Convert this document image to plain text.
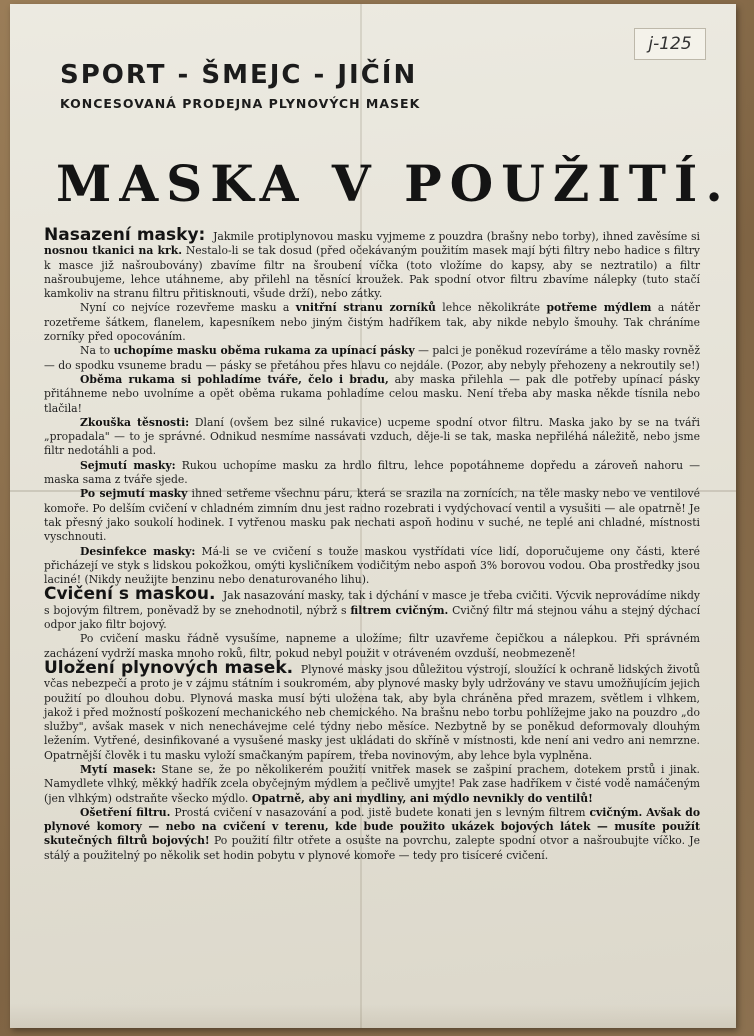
j-125
SPORT - ŠMEJC - JIČÍN
KONCESOVANÁ PRODEJNA PLYNOVÝCH MASEK
MASKA V POUŽITÍ.

Nasazení masky: Jakmile protiplynovou masku vyjmeme z pouzdra (brašny nebo torby), ihned zavěsíme si nosnou tkanici na krk. Nestalo-li se tak dosud (před očekávaným použitím masek mají býti filtry nebo hadice s filtry k masce již našroubovány) zbavíme filtr na šroubení víčka (toto vložíme do kapsy, aby se neztratilo) a filtr našroubujeme, lehce utáhneme, aby přilehl na těsnící kroužek. Pak spodní otvor filtru zbavíme nálepky (tuto stačí kamkoliv na stranu filtru přitisknouti, všude drží), nebo zátky.

Nyní co nejvíce rozevřeme masku a vnitřní stranu zorníků lehce několikráte potřeme mýdlem a nátěr rozetřeme šátkem, flanelem, kapesníkem nebo jiným čistým hadříkem tak, aby nikde nebylo šmouhy. Tak chráníme zorníky před opocováním.

Na to uchopíme masku oběma rukama za upínací pásky — palci je poněkud rozevíráme a tělo masky rovněž — do spodku vsuneme bradu — pásky se přetáhou přes hlavu co nejdále. (Pozor, aby nebyly přehozeny a nekroutily se!)

Oběma rukama si pohladíme tváře, čelo i bradu, aby maska přilehla — pak dle potřeby upínací pásky přitáhneme nebo uvolníme a opět oběma rukama pohladíme celou masku. Není třeba aby maska někde tísnila nebo tlačila!

Zkouška těsnosti: Dlaní (ovšem bez silné rukavice) ucpeme spodní otvor filtru. Maska jako by se na tváři „propadala" — to je správné. Odnikud nesmíme nassávati vzduch, děje-li se tak, maska nepřiléhá náležitě, nebo jsme filtr nedotáhli a pod.

Sejmutí masky: Rukou uchopíme masku za hrdlo filtru, lehce popotáhneme dopředu a zároveň nahoru — maska sama z tváře sjede.

Po sejmutí masky ihned setřeme všechnu páru, která se srazila na zornících, na těle masky nebo ve ventilové komoře. Po delším cvičení v chladném zimním dnu jest radno rozebrati i vydýchovací ventil a vysušiti — ale opatrně! Je tak přesný jako soukolí hodinek. I vytřenou masku pak nechati aspoň hodinu v suché, ne teplé ani chladné, místnosti vyschnouti.

Desinfekce masky: Má-li se ve cvičení s touže maskou vystřídati více lidí, doporučujeme ony části, které přicházejí ve styk s lidskou pokožkou, omýti kysličníkem vodičitým nebo aspoň 3% borovou vodou. Oba prostředky jsou laciné! (Nikdy neužijte benzinu nebo denaturovaného lihu).

Cvičení s maskou. Jak nasazování masky, tak i dýchání v masce je třeba cvičiti. Výcvik neprovádíme nikdy s bojovým filtrem, poněvadž by se znehodnotil, nýbrž s filtrem cvičným. Cvičný filtr má stejnou váhu a stejný dýchací odpor jako filtr bojový.

Po cvičení masku řádně vysušíme, napneme a uložíme; filtr uzavřeme čepičkou a nálepkou. Při správném zacházení vydrží maska mnoho roků, filtr, pokud nebyl použit v otráveném ovzduší, neobmezeně!

Uložení plynových masek. Plynové masky jsou důležitou výstrojí, sloužící k ochraně lidských životů včas nebezpečí a proto je v zájmu státním i soukromém, aby plynové masky byly udržovány ve stavu umožňujícím jejich použití po dlouhou dobu. Plynová maska musí býti uložena tak, aby byla chráněna před mrazem, světlem i vlhkem, jakož i před možností poškození mechanického neb chemického. Na brašnu nebo torbu pohlížejme jako na pouzdro „do služby", avšak masek v nich nenechávejme celé týdny nebo měsíce. Nezbytně by se poněkud deformovaly dlouhým ležením. Vytřené, desinfikované a vysušené masky jest ukládati do skříně v místnosti, kde není ani vedro ani nemrzne. Opatrnější člověk i tu masku vyloží smačkaným papírem, třeba novinovým, aby lehce byla vyplněna.

Mytí masek: Stane se, že po několikerém použití vnitřek masek se zašpiní prachem, dotekem prstů i jinak. Namydlete vlhký, měkký hadřík zcela obyčejným mýdlem a pečlivě umyjte! Pak zase hadříkem v čisté vodě namáčeným (jen vlhkým) odstraňte všecko mýdlo. Opatrně, aby ani mydliny, ani mýdlo nevnikly do ventilů!

Ošetření filtru. Prostá cvičení v nasazování a pod. jistě budete konati jen s levným filtrem cvičným. Avšak do plynové komory — nebo na cvičení v terenu, kde bude použito ukázek bojových látek — musíte použít skutečných filtrů bojových! Po použití filtr otřete a osušte na povrchu, zalepte spodní otvor a našroubujte víčko. Je stálý a použitelný po několik set hodin pobytu v plynové komoře — tedy pro tisíceré cvičení.
